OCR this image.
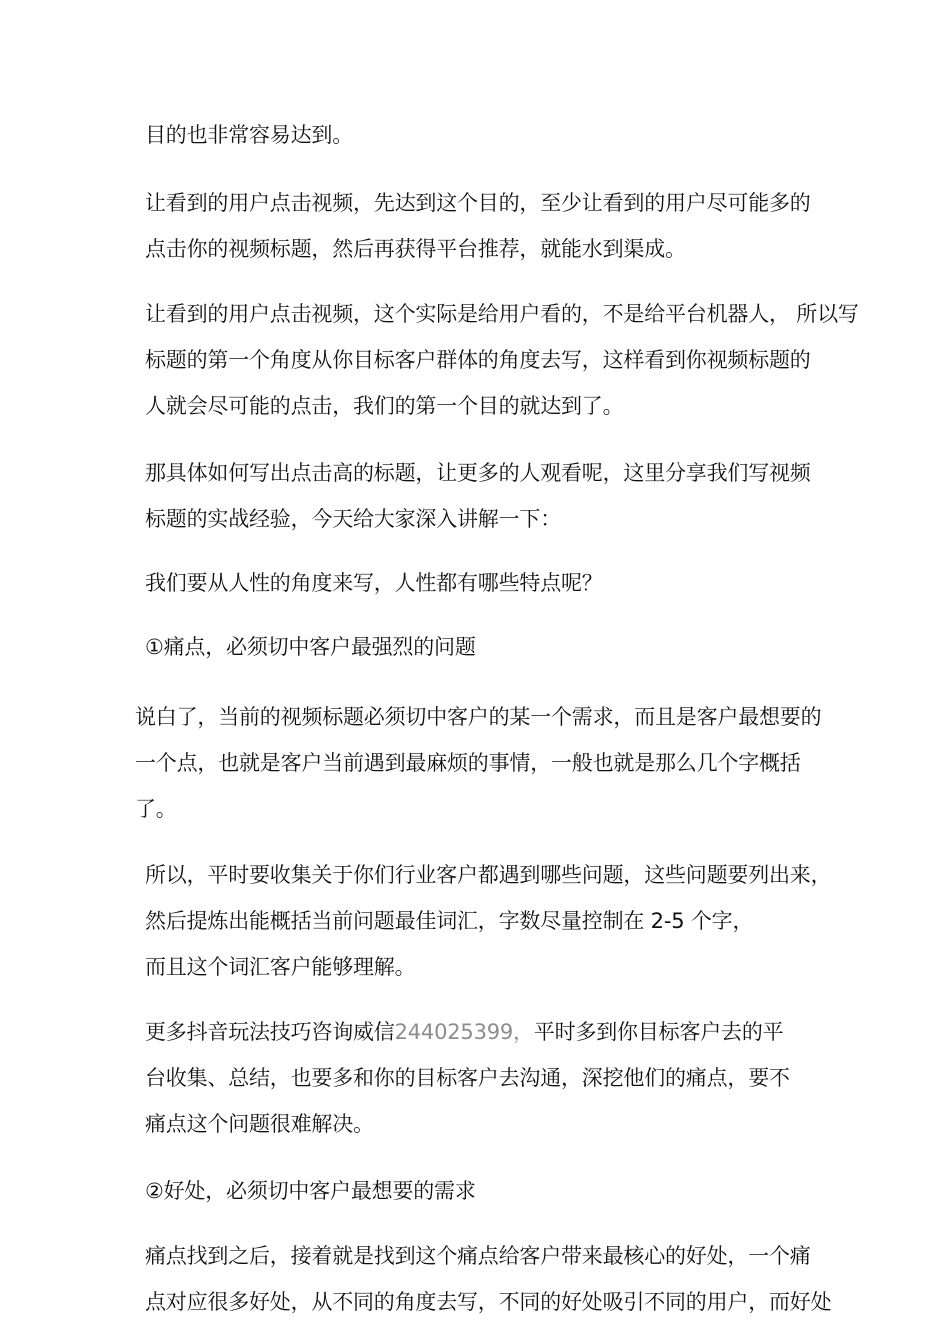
目的也非常容易达到。

让看到的用户点击视频，先达到这个目的，至少让看到的用户尽可能多的
点击你的视频标题，然后再获得平台推荐，就能水到渠成。

让看到的用户点击视频，这个实际是给用户看的，不是给平台机器人， 所以写
标题的第一个角度从你目标客户群体的角度去写，这样看到你视频标题的
人就会尽可能的点击，我们的第一个目的就达到了。

那具体如何写出点击高的标题，让更多的人观看呢，这里分享我们写视频
标题的实战经验，今天给大家深入讲解一下：

我们要从人性的角度来写，人性都有哪些特点呢？

①痛点，必须切中客户最强烈的问题

说白了，当前的视频标题必须切中客户的某一个需求，而且是客户最想要的
一个点，也就是客户当前遇到最麻烦的事情，一般也就是那么几个字概括
了。

所以，平时要收集关于你们行业客户都遇到哪些问题，这些问题要列出来，
然后提炼出能概括当前问题最佳词汇，字数尽量控制在 2-5 个字，
而且这个词汇客户能够理解。

更多抖音玩法技巧咨询威信244025399，平时多到你目标客户去的平
台收集、总结，也要多和你的目标客户去沟通，深挖他们的痛点，要不
痛点这个问题很难解决。

②好处，必须切中客户最想要的需求

痛点找到之后，接着就是找到这个痛点给客户带来最核心的好处，一个痛
点对应很多好处，从不同的角度去写，不同的好处吸引不同的用户，而好处
